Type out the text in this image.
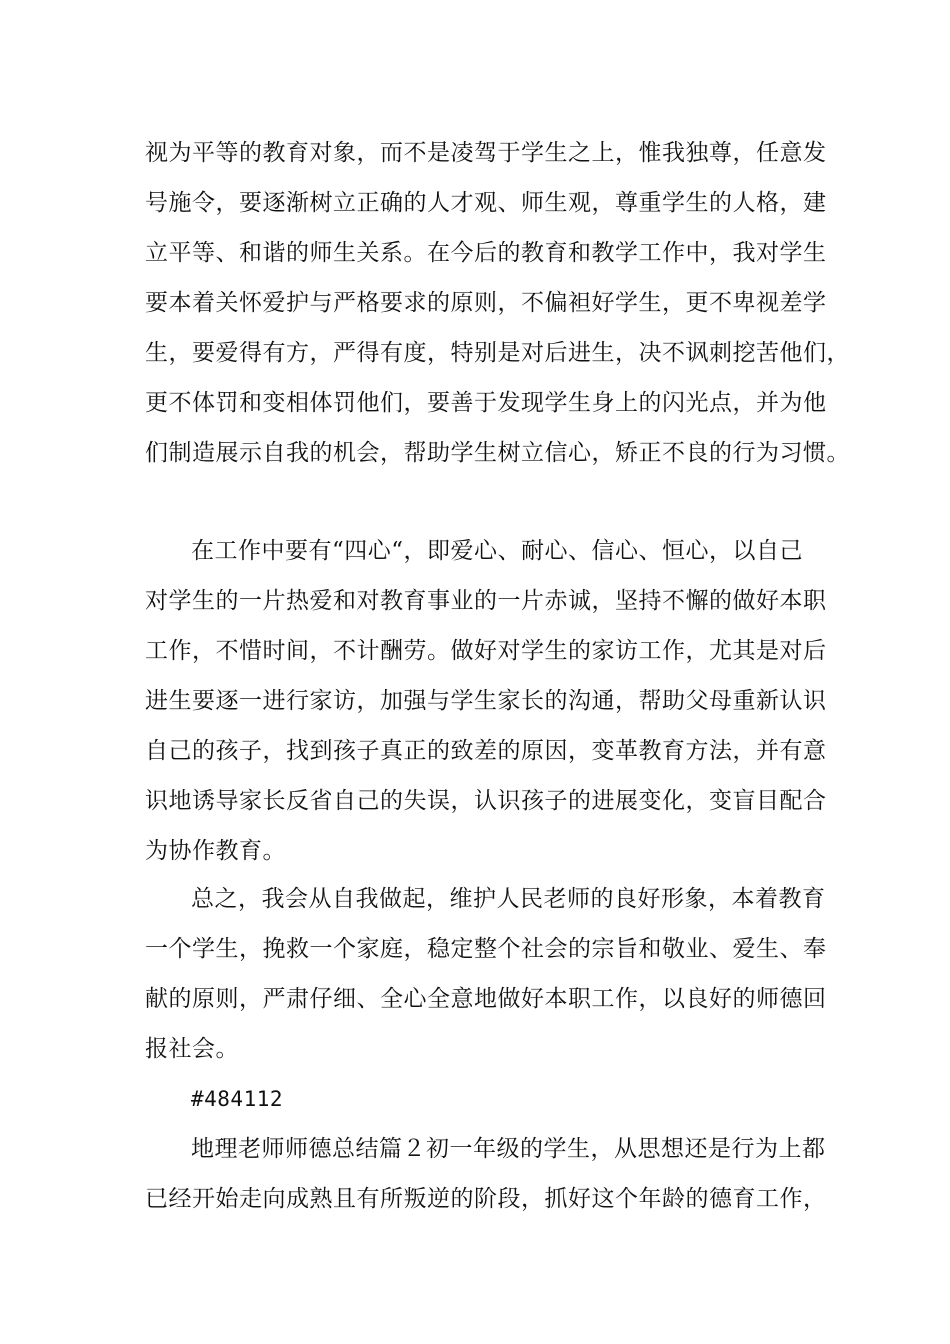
视为平等的教育对象，而不是凌驾于学生之上，惟我独尊，任意发
号施令，要逐渐树立正确的人才观、师生观，尊重学生的人格，建
立平等、和谐的师生关系。在今后的教育和教学工作中，我对学生
要本着关怀爱护与严格要求的原则，不偏袒好学生，更不卑视差学
生，要爱得有方，严得有度，特别是对后进生，决不讽刺挖苦他们，
更不体罚和变相体罚他们，要善于发现学生身上的闪光点，并为他
们制造展示自我的机会，帮助学生树立信心，矫正不良的行为习惯。
在工作中要有“四心“，即爱心、耐心、信心、恒心，以自己
对学生的一片热爱和对教育事业的一片赤诚，坚持不懈的做好本职
工作，不惜时间，不计酬劳。做好对学生的家访工作，尤其是对后
进生要逐一进行家访，加强与学生家长的沟通，帮助父母重新认识
自己的孩子，找到孩子真正的致差的原因，变革教育方法，并有意
识地诱导家长反省自己的失误，认识孩子的进展变化，变盲目配合
为协作教育。
总之，我会从自我做起，维护人民老师的良好形象，本着教育
一个学生，挽救一个家庭，稳定整个社会的宗旨和敬业、爱生、奉
献的原则，严肃仔细、全心全意地做好本职工作，以良好的师德回
报社会。
#484112
地理老师师德总结篇２初一年级的学生，从思想还是行为上都
已经开始走向成熟且有所叛逆的阶段，抓好这个年龄的德育工作，
